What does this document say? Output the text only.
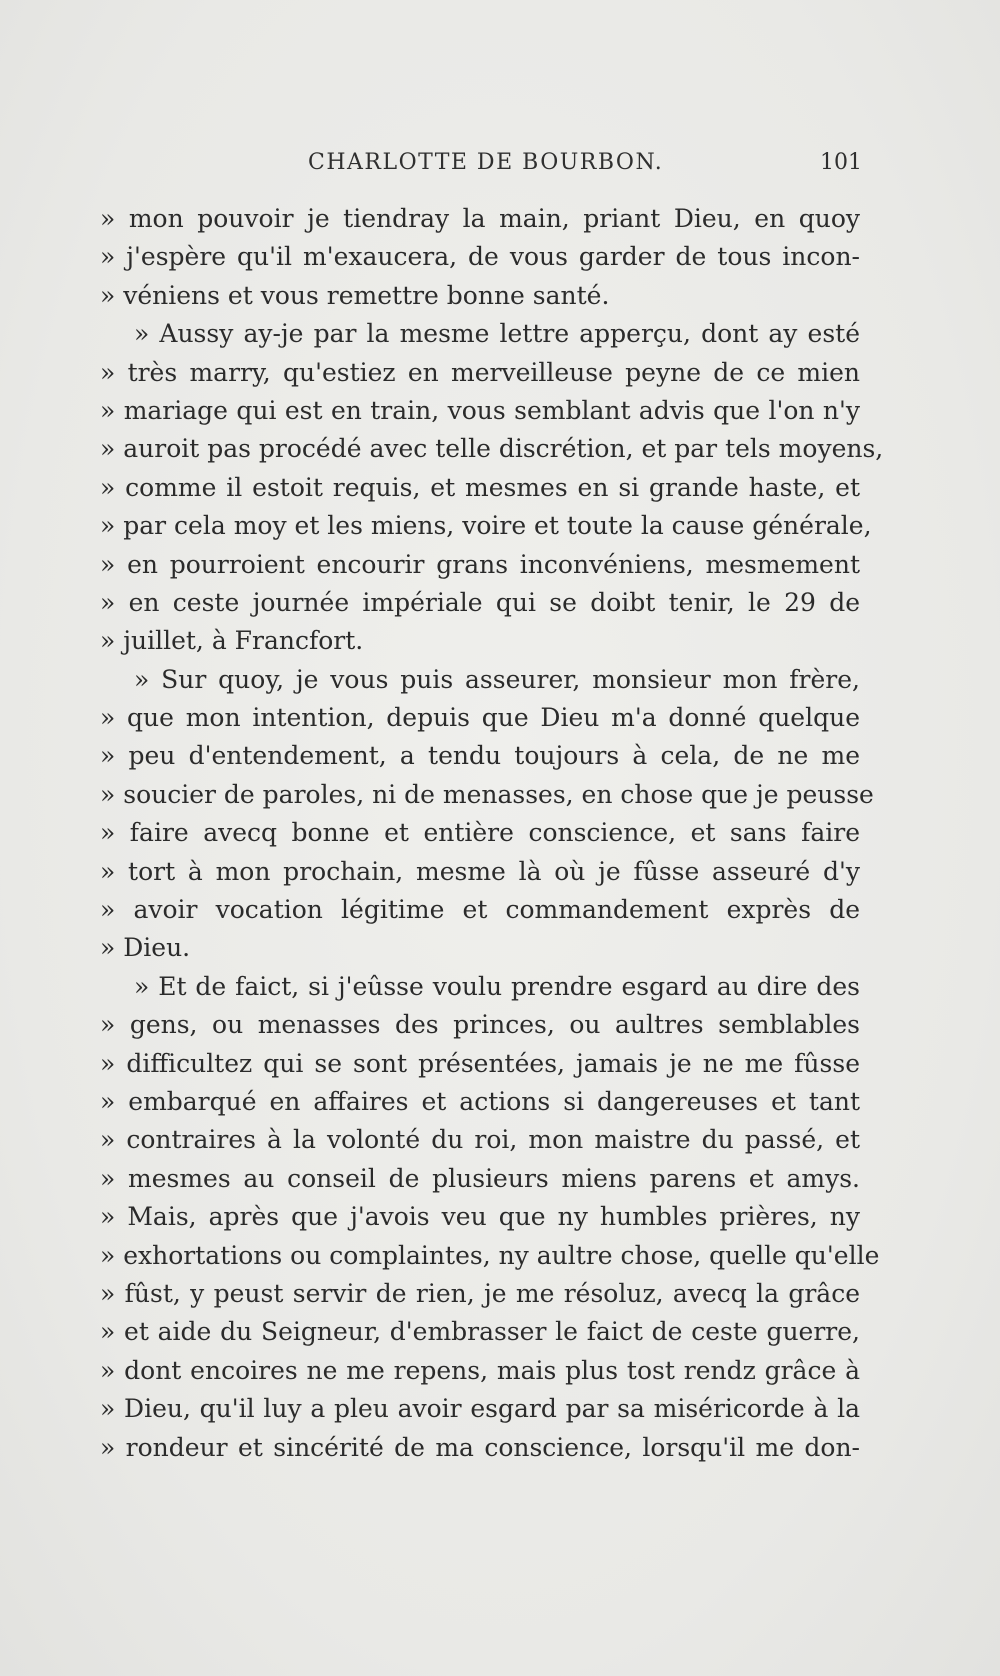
CHARLOTTE DE BOURBON.	101
» mon pouvoir je tiendray la main, priant Dieu, en quoy
» j'espère qu'il m'exaucera, de vous garder de tous incon-
» véniens et vous remettre bonne santé.
» Aussy ay-je par la mesme lettre apperçu, dont ay esté
» très marry, qu'estiez en merveilleuse peyne de ce mien
» mariage qui est en train, vous semblant advis que l'on n'y
» auroit pas procédé avec telle discrétion, et par tels moyens,
» comme il estoit requis, et mesmes en si grande haste, et
» par cela moy et les miens, voire et toute la cause générale,
» en pourroient encourir grans inconvéniens, mesmement
» en ceste journée impériale qui se doibt tenir, le 29 de
» juillet, à Francfort.
» Sur quoy, je vous puis asseurer, monsieur mon frère,
» que mon intention, depuis que Dieu m'a donné quelque
» peu d'entendement, a tendu toujours à cela, de ne me
» soucier de paroles, ni de menasses, en chose que je peusse
» faire avecq bonne et entière conscience, et sans faire
» tort à mon prochain, mesme là où je fûsse asseuré d'y
» avoir vocation légitime et commandement exprès de
» Dieu.
» Et de faict, si j'eûsse voulu prendre esgard au dire des
» gens, ou menasses des princes, ou aultres semblables
» difficultez qui se sont présentées, jamais je ne me fûsse
» embarqué en affaires et actions si dangereuses et tant
» contraires à la volonté du roi, mon maistre du passé, et
» mesmes au conseil de plusieurs miens parens et amys.
» Mais, après que j'avois veu que ny humbles prières, ny
» exhortations ou complaintes, ny aultre chose, quelle qu'elle
» fûst, y peust servir de rien, je me résoluz, avecq la grâce
» et aide du Seigneur, d'embrasser le faict de ceste guerre,
» dont encoires ne me repens, mais plus tost rendz grâce à
» Dieu, qu'il luy a pleu avoir esgard par sa miséricorde à la
» rondeur et sincérité de ma conscience, lorsqu'il me don-
